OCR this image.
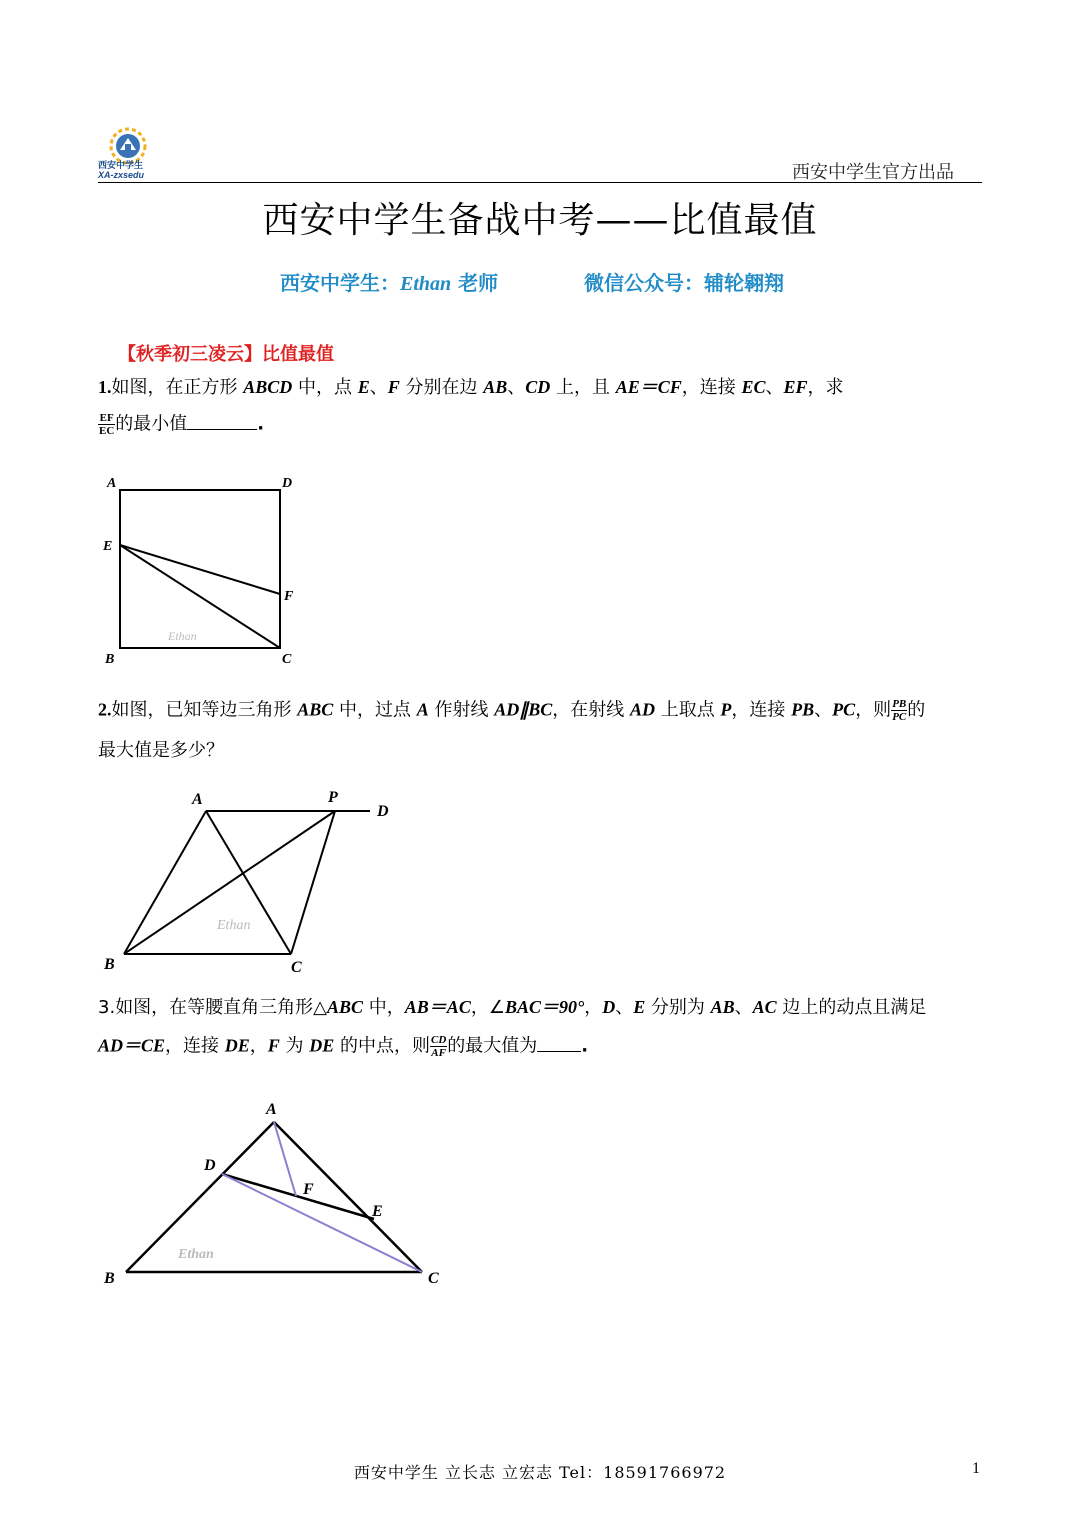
西安中学生
XA-zxsedu	西安中学生官方出品
西安中学生备战中考——比值最值
西安中学生：Ethan 老师	微信公众号：辅轮翱翔
【秋季初三凌云】比值最值
1.如图，在正方形 ABCD 中，点 E、F 分别在边 AB、CD 上，且 AE＝CF，连接 EC、EF，求
$\frac{EF}{EC}$ 的最小值	.
A	D
E
F
B	C
Ethan
2.如图，已知等边三角形 ABC 中，过点 A 作射线 AD∥BC，在射线 AD 上取点 P，连接 PB、PC，则 $\frac{PB}{PC}$ 的
最大值是多少？
A	P
D
B	C
Ethan
3.如图，在等腰直角三角形△ABC 中，AB＝AC，∠BAC＝90°，D、E 分别为 AB、AC 边上的动点且满足
AD＝CE，连接 DE，F 为 DE 的中点，则 $\frac{CD}{AF}$ 的最大值为 .
A
D
F
E
B	C
Ethan
西安中学生 立长志 立宏志 Tel：18591766972	1
